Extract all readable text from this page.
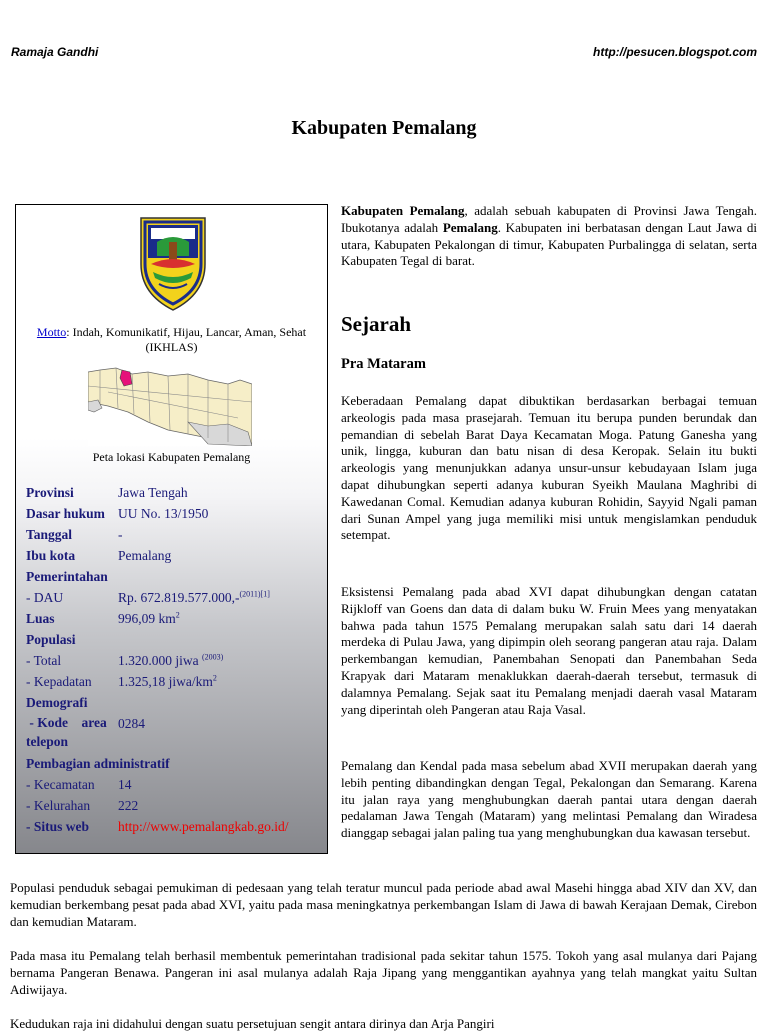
Ramaja Gandhi	http://pesucen.blogspot.com
Kabupaten Pemalang
Motto: Indah, Komunikatif, Hijau, Lancar, Aman, Sehat (IKHLAS)
Peta lokasi Kabupaten Pemalang
Provinsi	Jawa Tengah
Dasar hukum UU No. 13/1950
Tanggal	-
Ibu kota	Pemalang
Pemerintahan
- DAU	Rp. 672.819.577.000,-$^{(2011)[1]}$
Luas	996,09 $km^2$
Populasi
- Total	1.320.000 jiwa $^{(2003)}$
- Kepadatan	1.325,18 jiwa/$km^2$
Demografi
- Kode    area
telepon
0284
Pembagian administratif
- Kecamatan	14
- Kelurahan	222
- Situs web	http://www.pemalangkab.go.id/
Kabupaten Pemalang, adalah sebuah kabupaten di Provinsi Jawa Tengah. Ibukotanya adalah Pemalang. Kabupaten ini berbatasan dengan Laut Jawa di utara, Kabupaten Pekalongan di timur, Kabupaten Purbalingga di selatan, serta Kabupaten Tegal di barat.
Sejarah
Pra Mataram
Keberadaan Pemalang dapat dibuktikan berdasarkan berbagai temuan arkeologis pada masa prasejarah. Temuan itu berupa punden berundak dan pemandian di sebelah Barat Daya Kecamatan Moga. Patung Ganesha yang unik, lingga, kuburan dan batu nisan di desa Keropak. Selain itu bukti arkeologis yang menunjukkan adanya unsur-unsur kebudayaan Islam juga dapat dihubungkan seperti adanya kuburan Syeikh Maulana Maghribi di Kawedanan Comal. Kemudian adanya kuburan Rohidin, Sayyid Ngali paman dari Sunan Ampel yang juga memiliki misi untuk mengislamkan penduduk setempat.
Eksistensi Pemalang pada abad XVI dapat dihubungkan dengan catatan Rijkloff van Goens dan data di dalam buku W. Fruin Mees yang menyatakan bahwa pada tahun 1575 Pemalang merupakan salah satu dari 14 daerah merdeka di Pulau Jawa, yang dipimpin oleh seorang pangeran atau raja. Dalam perkembangan kemudian, Panembahan Senopati dan Panembahan Seda Krapyak dari Mataram menaklukkan daerah-daerah tersebut, termasuk di dalamnya Pemalang. Sejak saat itu Pemalang menjadi daerah vasal Mataram yang diperintah oleh Pangeran atau Raja Vasal.
Pemalang dan Kendal pada masa sebelum abad XVII merupakan daerah yang lebih penting dibandingkan dengan Tegal, Pekalongan dan Semarang. Karena itu jalan raya yang menghubungkan daerah pantai utara dengan daerah pedalaman Jawa Tengah (Mataram) yang melintasi Pemalang dan Wiradesa dianggap sebagai jalan paling tua yang menghubungkan dua kawasan tersebut.
Populasi penduduk sebagai pemukiman di pedesaan yang telah teratur muncul pada periode abad awal Masehi hingga abad XIV dan XV, dan kemudian berkembang pesat pada abad XVI, yaitu pada masa meningkatnya perkembangan Islam di Jawa di bawah Kerajaan Demak, Cirebon dan kemudian Mataram.
Pada masa itu Pemalang telah berhasil membentuk pemerintahan tradisional pada sekitar tahun 1575. Tokoh yang asal mulanya dari Pajang bernama Pangeran Benawa. Pangeran ini asal mulanya adalah Raja Jipang yang menggantikan ayahnya yang telah mangkat yaitu Sultan Adiwijaya.
Kedudukan raja ini didahului dengan suatu persetujuan sengit antara dirinya dan Arja Pangiri
